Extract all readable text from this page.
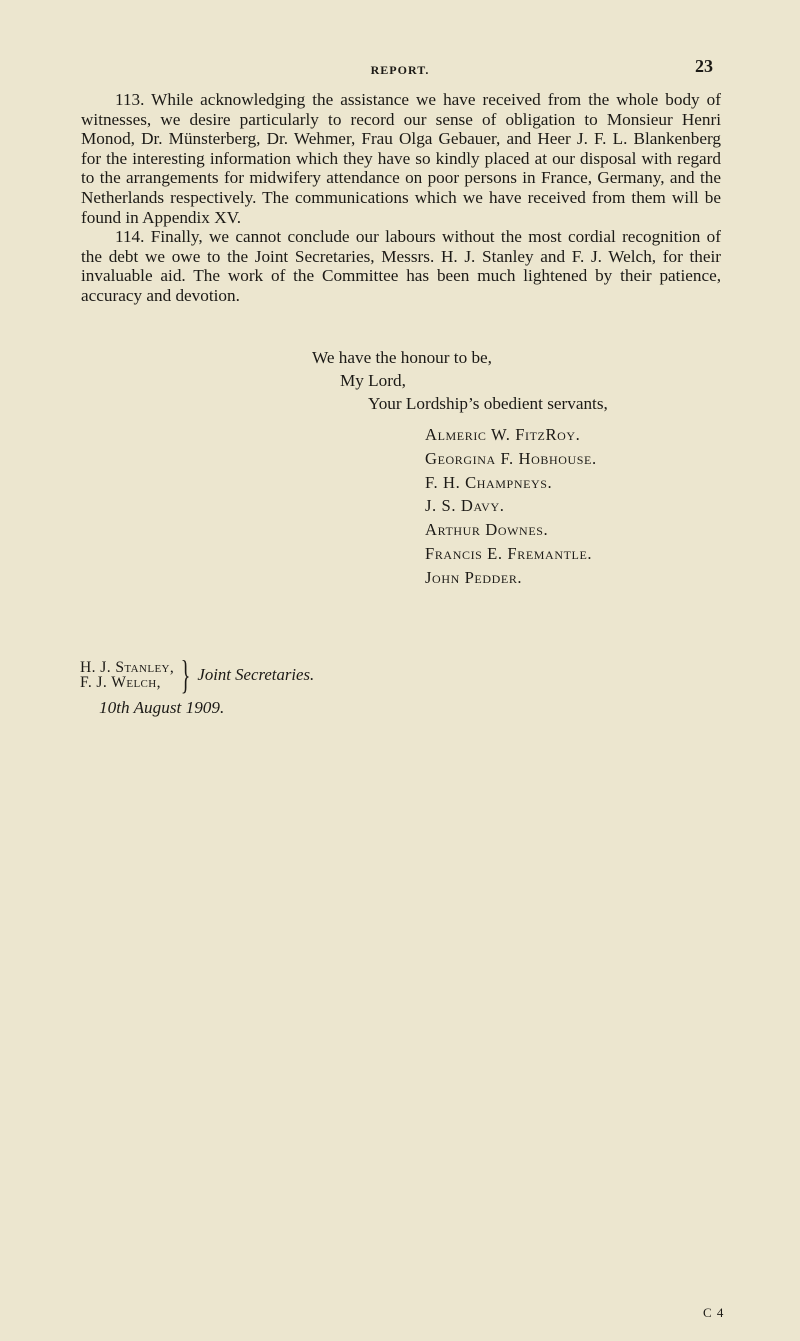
REPORT.	23

113. While acknowledging the assistance we have received from the whole body of witnesses, we desire particularly to record our sense of obligation to Monsieur Henri Monod, Dr. Münsterberg, Dr. Wehmer, Frau Olga Gebauer, and Heer J. F. L. Blankenberg for the interesting information which they have so kindly placed at our disposal with regard to the arrangements for midwifery attendance on poor persons in France, Germany, and the Netherlands respectively. The communications which we have received from them will be found in Appendix XV.

114. Finally, we cannot conclude our labours without the most cordial recognition of the debt we owe to the Joint Secretaries, Messrs. H. J. Stanley and F. J. Welch, for their invaluable aid. The work of the Committee has been much lightened by their patience, accuracy and devotion.

We have the honour to be,
My Lord,
Your Lordship’s obedient servants,
Almeric W. FitzRoy.
Georgina F. Hobhouse.
F. H. Champneys.
J. S. Davy.
Arthur Downes.
Francis E. Fremantle.
John Pedder.
H. J. Stanley,
F. J. Welch, } Joint Secretaries.
10th August 1909.
C 4
